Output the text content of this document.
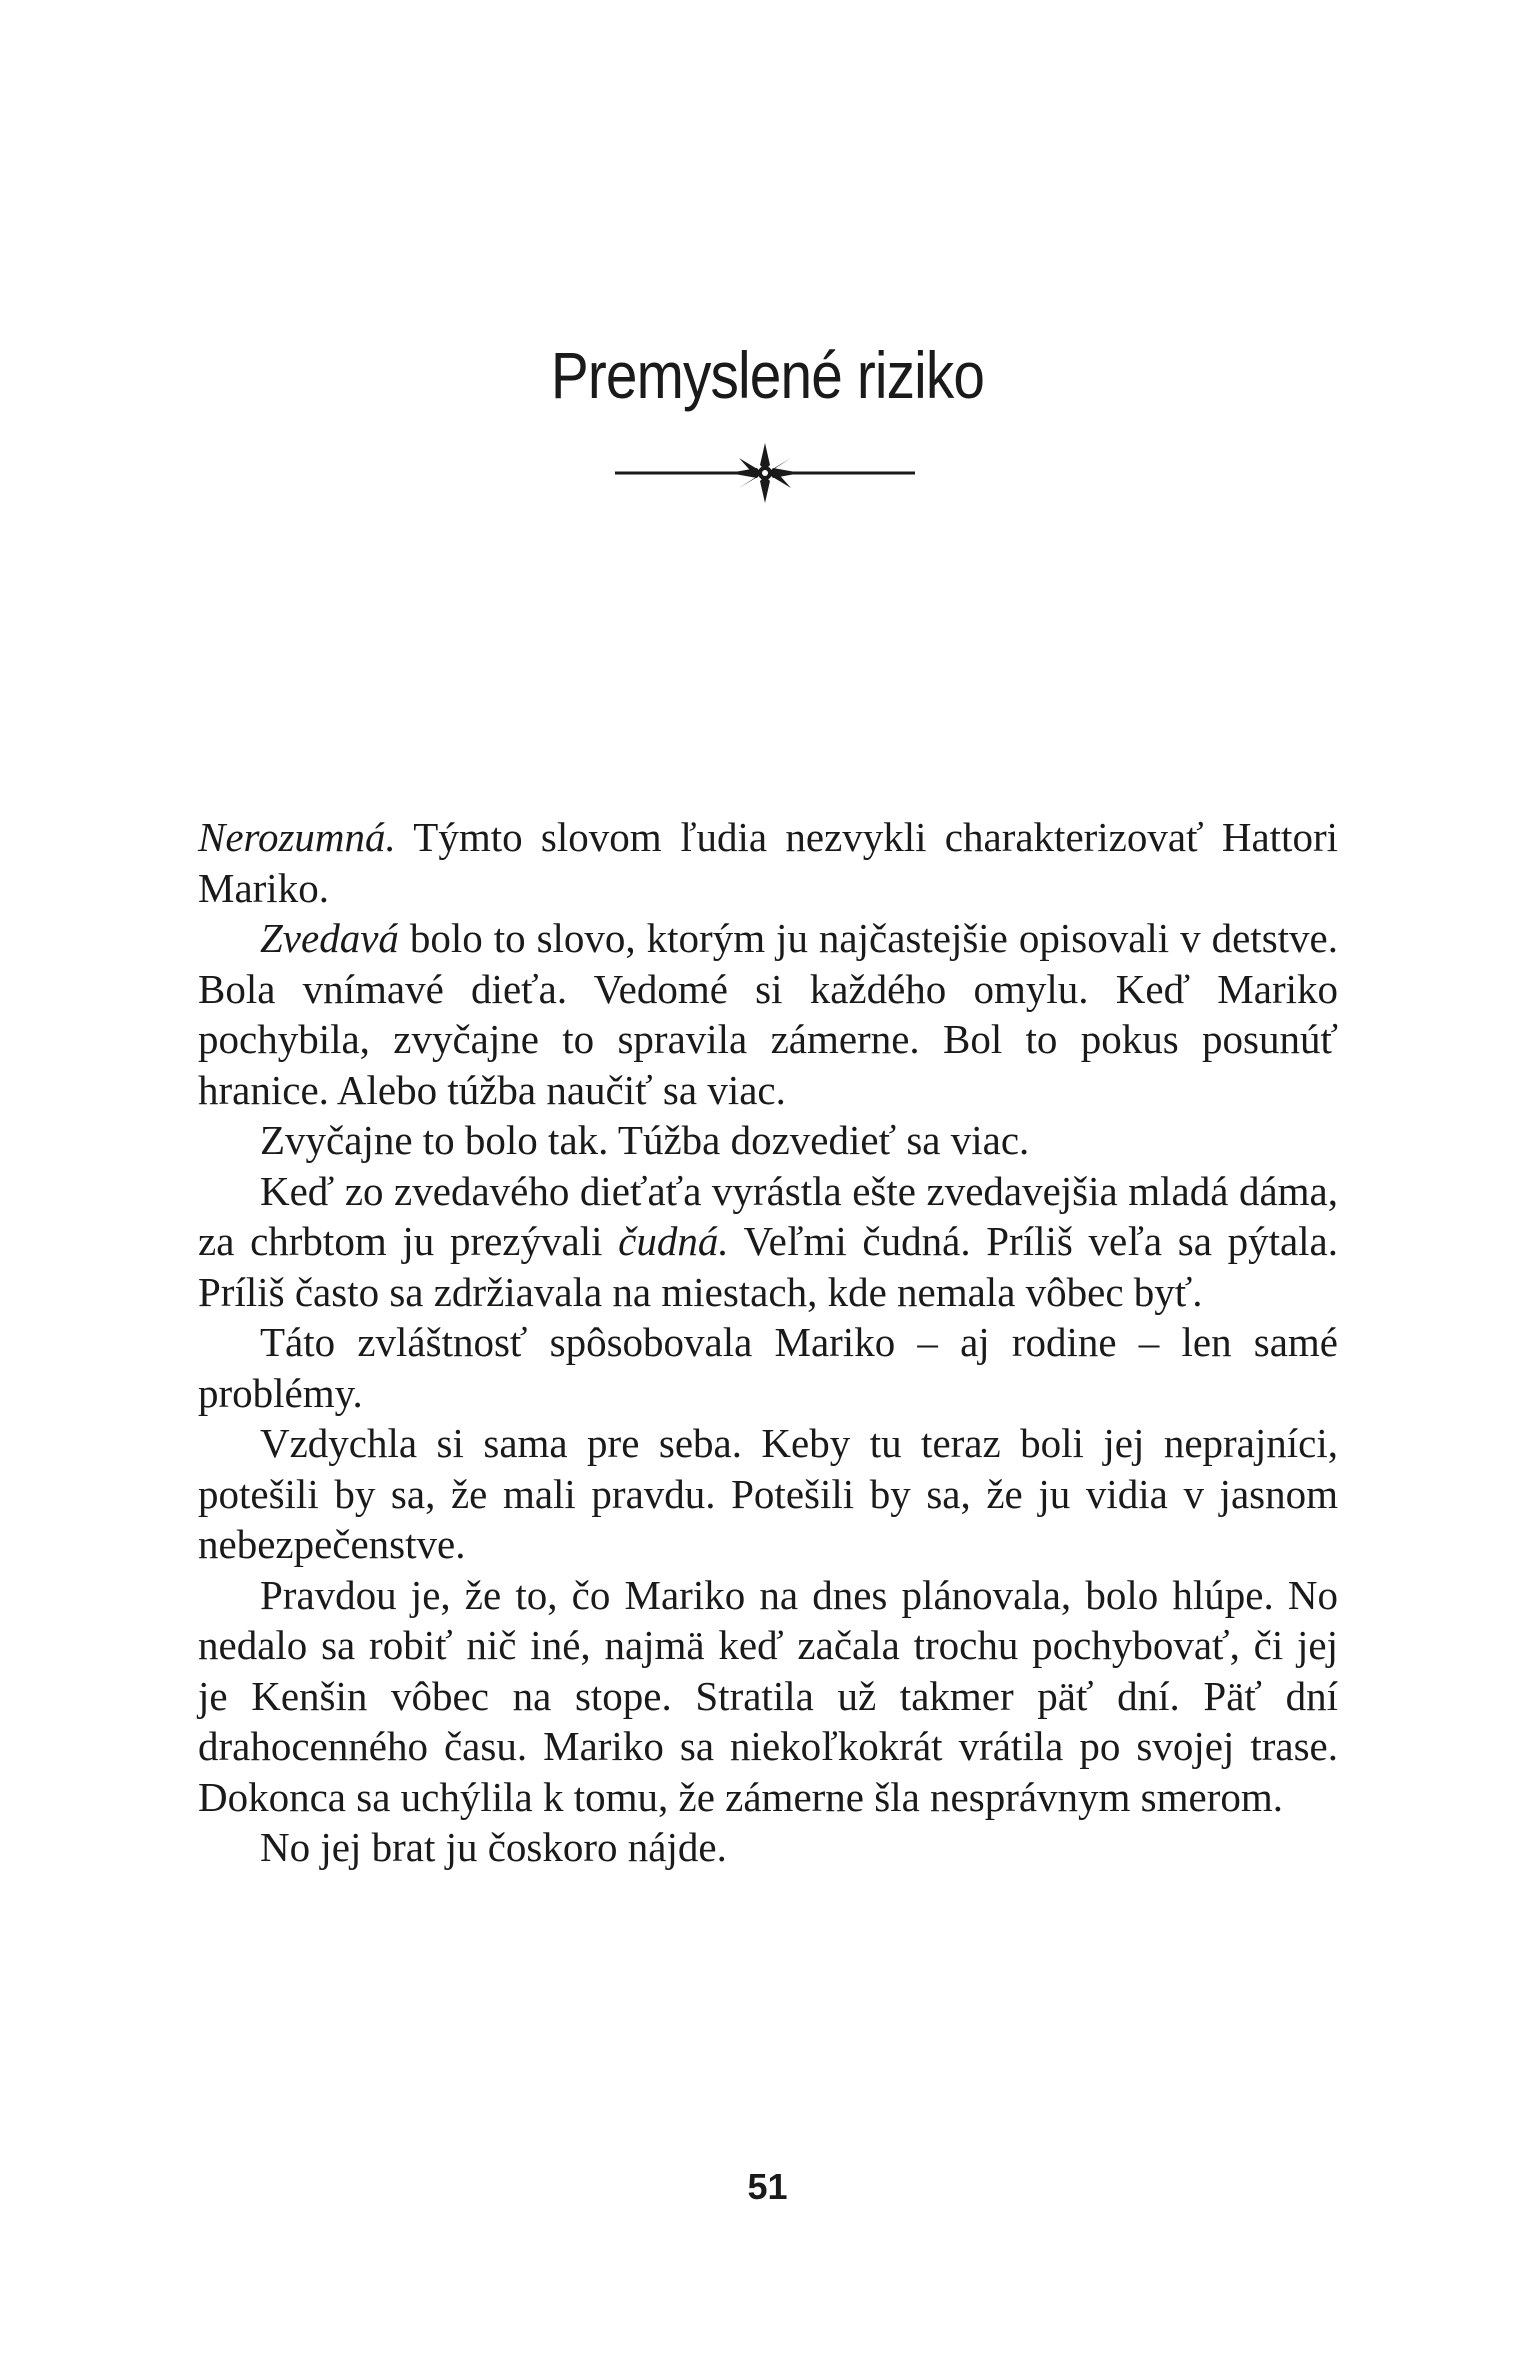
Premyslené riziko

Nerozumná. Týmto slovom ľudia nezvykli charakterizovať Hattori Mariko.

Zvedavá bolo to slovo, ktorým ju najčastejšie opisovali v detstve. Bola vnímavé dieťa. Vedomé si každého omylu. Keď Mariko pochybila, zvyčajne to spravila zámerne. Bol to pokus posunúť hranice. Alebo túžba naučiť sa viac.

Zvyčajne to bolo tak. Túžba dozvedieť sa viac.

Keď zo zvedavého dieťaťa vyrástla ešte zvedavejšia mladá dáma, za chrbtom ju prezývali čudná. Veľmi čudná. Príliš veľa sa pýtala. Príliš často sa zdržiavala na miestach, kde nemala vôbec byť.

Táto zvláštnosť spôsobovala Mariko – aj rodine – len samé problémy.

Vzdychla si sama pre seba. Keby tu teraz boli jej neprajníci, potešili by sa, že mali pravdu. Potešili by sa, že ju vidia v jasnom nebezpečenstve.

Pravdou je, že to, čo Mariko na dnes plánovala, bolo hlúpe. No nedalo sa robiť nič iné, najmä keď začala trochu pochybovať, či jej je Kenšin vôbec na stope. Stratila už takmer päť dní. Päť dní drahocenného času. Mariko sa niekoľkokrát vrátila po svojej trase. Dokonca sa uchýlila k tomu, že zámerne šla nesprávnym smerom.

No jej brat ju čoskoro nájde.

51
